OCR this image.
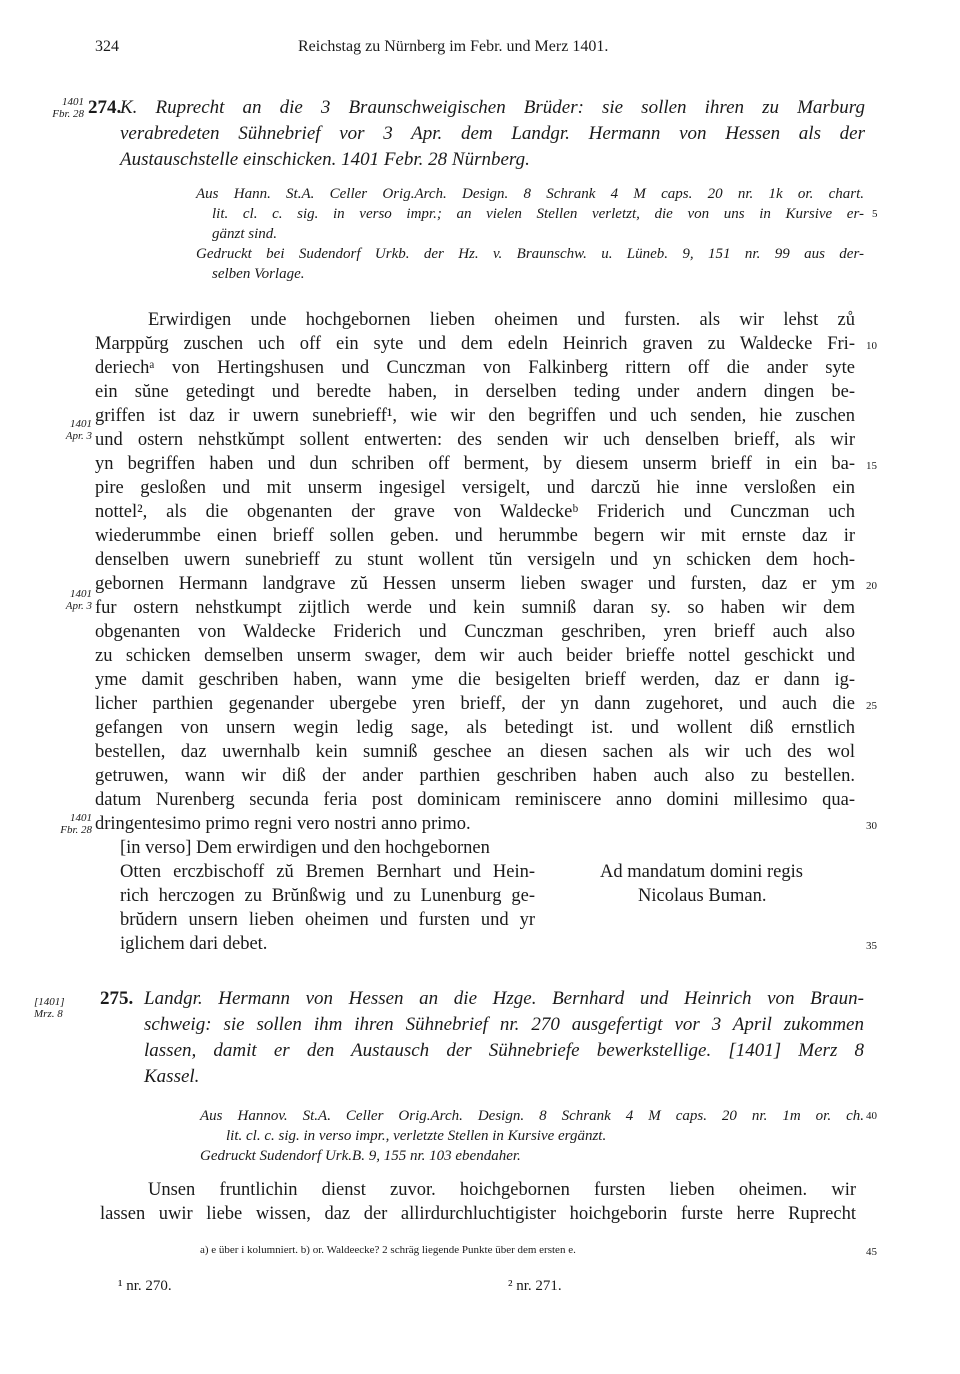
324	Reichstag zu Nürnberg im Febr. und Merz 1401.
1401
Fbr. 28 274.
K. Ruprecht an die 3 Braunschweigischen Brüder: sie sollen ihren zu Marburg
verabredeten Sühnebrief vor 3 Apr. dem Landgr. Hermann von Hessen als der
Austauschstelle einschicken. 1401 Febr. 28 Nürnberg.
Aus Hann. St.A. Celler Orig.Arch. Design. 8 Schrank 4 M caps. 20 nr. 1k or. chart.
lit. cl. c. sig. in verso impr.; an vielen Stellen verletzt, die von uns in Kursive er-
gänzt sind.
Gedruckt bei Sudendorf Urkb. der Hz. v. Braunschw. u. Lüneb. 9, 151 nr. 99 aus der-
selben Vorlage.
Erwirdigen unde hochgebornen lieben oheimen und fursten. als wir lehst zů
Marppŭrg zuschen uch off ein syte und dem edeln Heinrich graven zu Waldecke Fri-
deriechᵃ von Hertingshusen und Cunczman von Falkinberg rittern off die ander syte
ein sŭne getedingt und beredte haben, in derselben teding under andern dingen be-
griffen ist daz ir uwern sunebrieff¹, wie wir den begriffen und uch senden, hie zuschen
und ostern nehstkŭmpt sollent entwerten: des senden wir uch denselben brieff, als wir
yn begriffen haben und dun schriben off berment, by diesem unserm brieff in ein ba-
pire gesloßen und mit unserm ingesigel versigelt, und darczŭ hie inne versloßen ein
nottel², als die obgenanten der grave von Waldeckeᵇ Friderich und Cunczman uch
wiederummbe einen brieff sollen geben. und herummbe begern wir mit ernste daz ir
denselben uwern sunebrieff zu stunt wollent tŭn versigeln und yn schicken dem hoch-
gebornen Hermann landgrave zŭ Hessen unserm lieben swager und fursten, daz er ym
fur ostern nehstkumpt zijtlich werde und kein sumniß daran sy. so haben wir dem
obgenanten von Waldecke Friderich und Cunczman geschriben, yren brieff auch also
zu schicken demselben unserm swager, dem wir auch beider brieffe nottel geschickt und
yme damit geschriben haben, wann yme die besigelten brieff werden, daz er dann ig-
licher parthien gegenander ubergebe yren brieff, der yn dann zugehoret, und auch die
gefangen von unsern wegin ledig sage, als betedingt ist. und wollent diß ernstlich
bestellen, daz uwernhalb kein sumniß geschee an diesen sachen als wir uch des wol
getruwen, wann wir diß der ander parthien geschriben haben auch also zu bestellen.
datum Nurenberg secunda feria post dominicam reminiscere anno domini millesimo qua-
dringentesimo primo regni vero nostri anno primo.
1401
Apr. 3
1401
Apr. 3
1401
Fbr. 28
[in verso] Dem erwirdigen und den hochgebornen
Otten erczbischoff zŭ Bremen Bernhart und Hein-
rich herczogen zu Brŭnßwig und zu Lunenburg ge-
brŭdern unsern lieben oheimen und fursten und yr
iglichem dari debet.
Ad mandatum domini regis
Nicolaus Buman.
[1401]
Mrz. 8
275. Landgr. Hermann von Hessen an die Hzge. Bernhard und Heinrich von Braun-
schweig: sie sollen ihm ihren Sühnebrief nr. 270 ausgefertigt vor 3 April zukommen
lassen, damit er den Austausch der Sühnebriefe bewerkstellige. [1401] Merz 8
Kassel.
Aus Hannov. St.A. Celler Orig.Arch. Design. 8 Schrank 4 M caps. 20 nr. 1m or. ch.
lit. cl. c. sig. in verso impr., verletzte Stellen in Kursive ergänzt.
Gedruckt Sudendorf Urk.B. 9, 155 nr. 103 ebendaher.
Unsen fruntlichin dienst zuvor. hoichgebornen fursten lieben oheimen. wir
lassen uwir liebe wissen, daz der allirdurchluchtigister hoichgeborin furste herre Ruprecht
a) e über i kolumniert. b) or. Waldeecke? 2 schräg liegende Punkte über dem ersten e.
¹ nr. 270.	² nr. 271.
5
10
15
20
25
30
35
40
45
